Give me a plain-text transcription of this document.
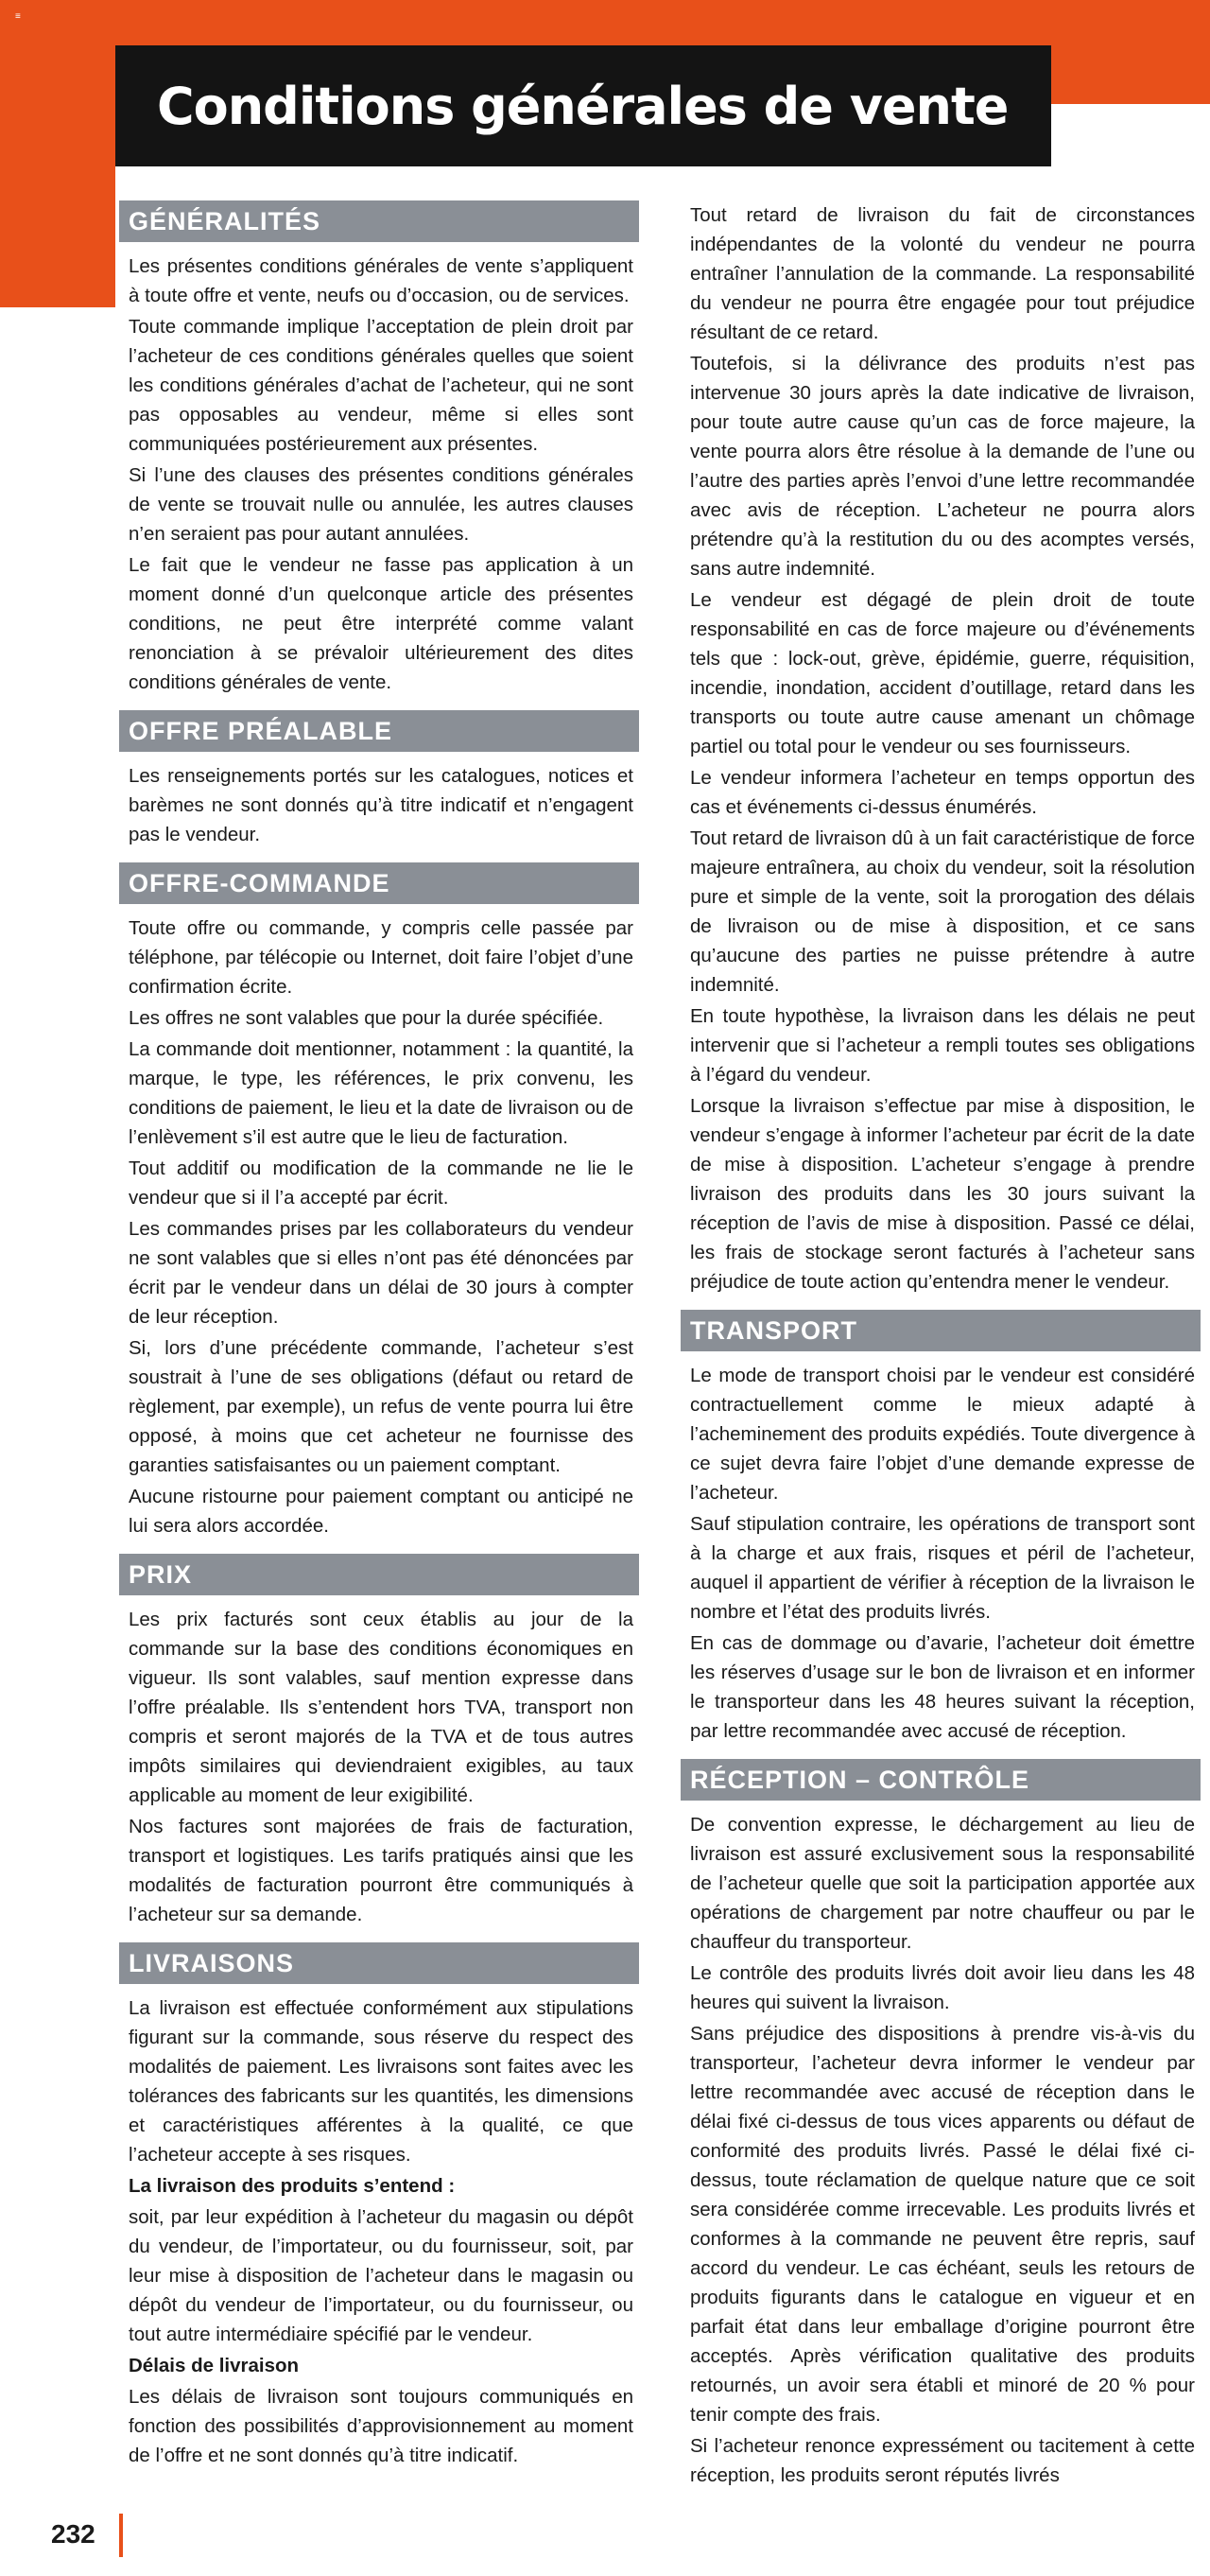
≡
Conditions générales de vente
GÉNÉRALITÉS

Les présentes conditions générales de vente s’appliquent à toute offre et vente, neufs ou d’occasion, ou de services.

Toute commande implique l’acceptation de plein droit par l’acheteur de ces conditions générales quelles que soient les conditions générales d’achat de l’acheteur, qui ne sont pas opposables au vendeur, même si elles sont communiquées postérieurement aux présentes.

Si l’une des clauses des présentes conditions générales de vente se trouvait nulle ou annulée, les autres clauses n’en seraient pas pour autant annulées.

Le fait que le vendeur ne fasse pas application à un moment donné d’un quelconque article des présentes conditions, ne peut être interprété comme valant renonciation à se prévaloir ultérieurement des dites conditions générales de vente.

OFFRE PRÉALABLE

Les renseignements portés sur les catalogues, notices et barèmes ne sont donnés qu’à titre indicatif et n’engagent pas le vendeur.

OFFRE-COMMANDE

Toute offre ou commande, y compris celle passée par téléphone, par télécopie ou Internet, doit faire l’objet d’une confirmation écrite.

Les offres ne sont valables que pour la durée spécifiée.

La commande doit mentionner, notamment : la quantité, la marque, le type, les références, le prix convenu, les conditions de paiement, le lieu et la date de livraison ou de l’enlèvement s’il est autre que le lieu de facturation.

Tout additif ou modification de la commande ne lie le vendeur que si il l’a accepté par écrit.

Les commandes prises par les collaborateurs du vendeur ne sont valables que si elles n’ont pas été dénoncées par écrit par le vendeur dans un délai de 30 jours à compter de leur réception.

Si, lors d’une précédente commande, l’acheteur s’est soustrait à l’une de ses obligations (défaut ou retard de règlement, par exemple), un refus de vente pourra lui être opposé, à moins que cet acheteur ne fournisse des garanties satisfaisantes ou un paiement comptant.

Aucune ristourne pour paiement comptant ou anticipé ne lui sera alors accordée.

PRIX

Les prix facturés sont ceux établis au jour de la commande sur la base des conditions économiques en vigueur. Ils sont valables, sauf mention expresse dans l’offre préalable. Ils s’entendent hors TVA, transport non compris et seront majorés de la TVA et de tous autres impôts similaires qui deviendraient exigibles, au taux applicable au moment de leur exigibilité.

Nos factures sont majorées de frais de facturation, transport et logistiques. Les tarifs pratiqués ainsi que les modalités de facturation pourront être communiqués à l’acheteur sur sa demande.

LIVRAISONS

La livraison est effectuée conformément aux stipulations figurant sur la commande, sous réserve du respect des modalités de paiement. Les livraisons sont faites avec les tolérances des fabricants sur les quantités, les dimensions et caractéristiques afférentes à la qualité, ce que l’acheteur accepte à ses risques.

La livraison des produits s’entend :

soit, par leur expédition à l’acheteur du magasin ou dépôt du vendeur, de l’importateur, ou du fournisseur, soit, par leur mise à disposition de l’acheteur dans le magasin ou dépôt du vendeur de l’importateur, ou du fournisseur, ou tout autre intermédiaire spécifié par le vendeur.

Délais de livraison

Les délais de livraison sont toujours communiqués en fonction des possibilités d’approvisionnement au moment de l’offre et ne sont donnés qu’à titre indicatif.

Tout retard de livraison du fait de circonstances indépendantes de la volonté du vendeur ne pourra entraîner l’annulation de la commande. La responsabilité du vendeur ne pourra être engagée pour tout préjudice résultant de ce retard.

Toutefois, si la délivrance des produits n’est pas intervenue 30 jours après la date indicative de livraison, pour toute autre cause qu’un cas de force majeure, la vente pourra alors être résolue à la demande de l’une ou l’autre des parties après l’envoi d’une lettre recommandée avec avis de réception. L’acheteur ne pourra alors prétendre qu’à la restitution du ou des acomptes versés, sans autre indemnité.

Le vendeur est dégagé de plein droit de toute responsabilité en cas de force majeure ou d’événements tels que : lock-out, grève, épidémie, guerre, réquisition, incendie, inondation, accident d’outillage, retard dans les transports ou toute autre cause amenant un chômage partiel ou total pour le vendeur ou ses fournisseurs.

Le vendeur informera l’acheteur en temps opportun des cas et événements ci-dessus énumérés.

Tout retard de livraison dû à un fait caractéristique de force majeure entraînera, au choix du vendeur, soit la résolution pure et simple de la vente, soit la prorogation des délais de livraison ou de mise à disposition, et ce sans qu’aucune des parties ne puisse prétendre à autre indemnité.

En toute hypothèse, la livraison dans les délais ne peut intervenir que si l’acheteur a rempli toutes ses obligations à l’égard du vendeur.

Lorsque la livraison s’effectue par mise à disposition, le vendeur s’engage à informer l’acheteur par écrit de la date de mise à disposition. L’acheteur s’engage à prendre livraison des produits dans les 30 jours suivant la réception de l’avis de mise à disposition. Passé ce délai, les frais de stockage seront facturés à l’acheteur sans préjudice de toute action qu’entendra mener le vendeur.

TRANSPORT

Le mode de transport choisi par le vendeur est considéré contractuellement comme le mieux adapté à l’acheminement des produits expédiés. Toute divergence à ce sujet devra faire l’objet d’une demande expresse de l’acheteur.

Sauf stipulation contraire, les opérations de transport sont à la charge et aux frais, risques et péril de l’acheteur, auquel il appartient de vérifier à réception de la livraison le nombre et l’état des produits livrés.

En cas de dommage ou d’avarie, l’acheteur doit émettre les réserves d’usage sur le bon de livraison et en informer le transporteur dans les 48 heures suivant la réception, par lettre recommandée avec accusé de réception.

RÉCEPTION – CONTRÔLE

De convention expresse, le déchargement au lieu de livraison est assuré exclusivement sous la responsabilité de l’acheteur quelle que soit la participation apportée aux opérations de chargement par notre chauffeur ou par le chauffeur du transporteur.

Le contrôle des produits livrés doit avoir lieu dans les 48 heures qui suivent la livraison.

Sans préjudice des dispositions à prendre vis-à-vis du transporteur, l’acheteur devra informer le vendeur par lettre recommandée avec accusé de réception dans le délai fixé ci-dessus de tous vices apparents ou défaut de conformité des produits livrés. Passé le délai fixé ci-dessus, toute réclamation de quelque nature que ce soit sera considérée comme irrecevable. Les produits livrés et conformes à la commande ne peuvent être repris, sauf accord du vendeur. Le cas échéant, seuls les retours de produits figurants dans le catalogue en vigueur et en parfait état dans leur emballage d’origine pourront être acceptés. Après vérification qualitative des produits retournés, un avoir sera établi et minoré de 20 % pour tenir compte des frais.

Si l’acheteur renonce expressément ou tacitement à cette réception, les produits seront réputés livrés

232
